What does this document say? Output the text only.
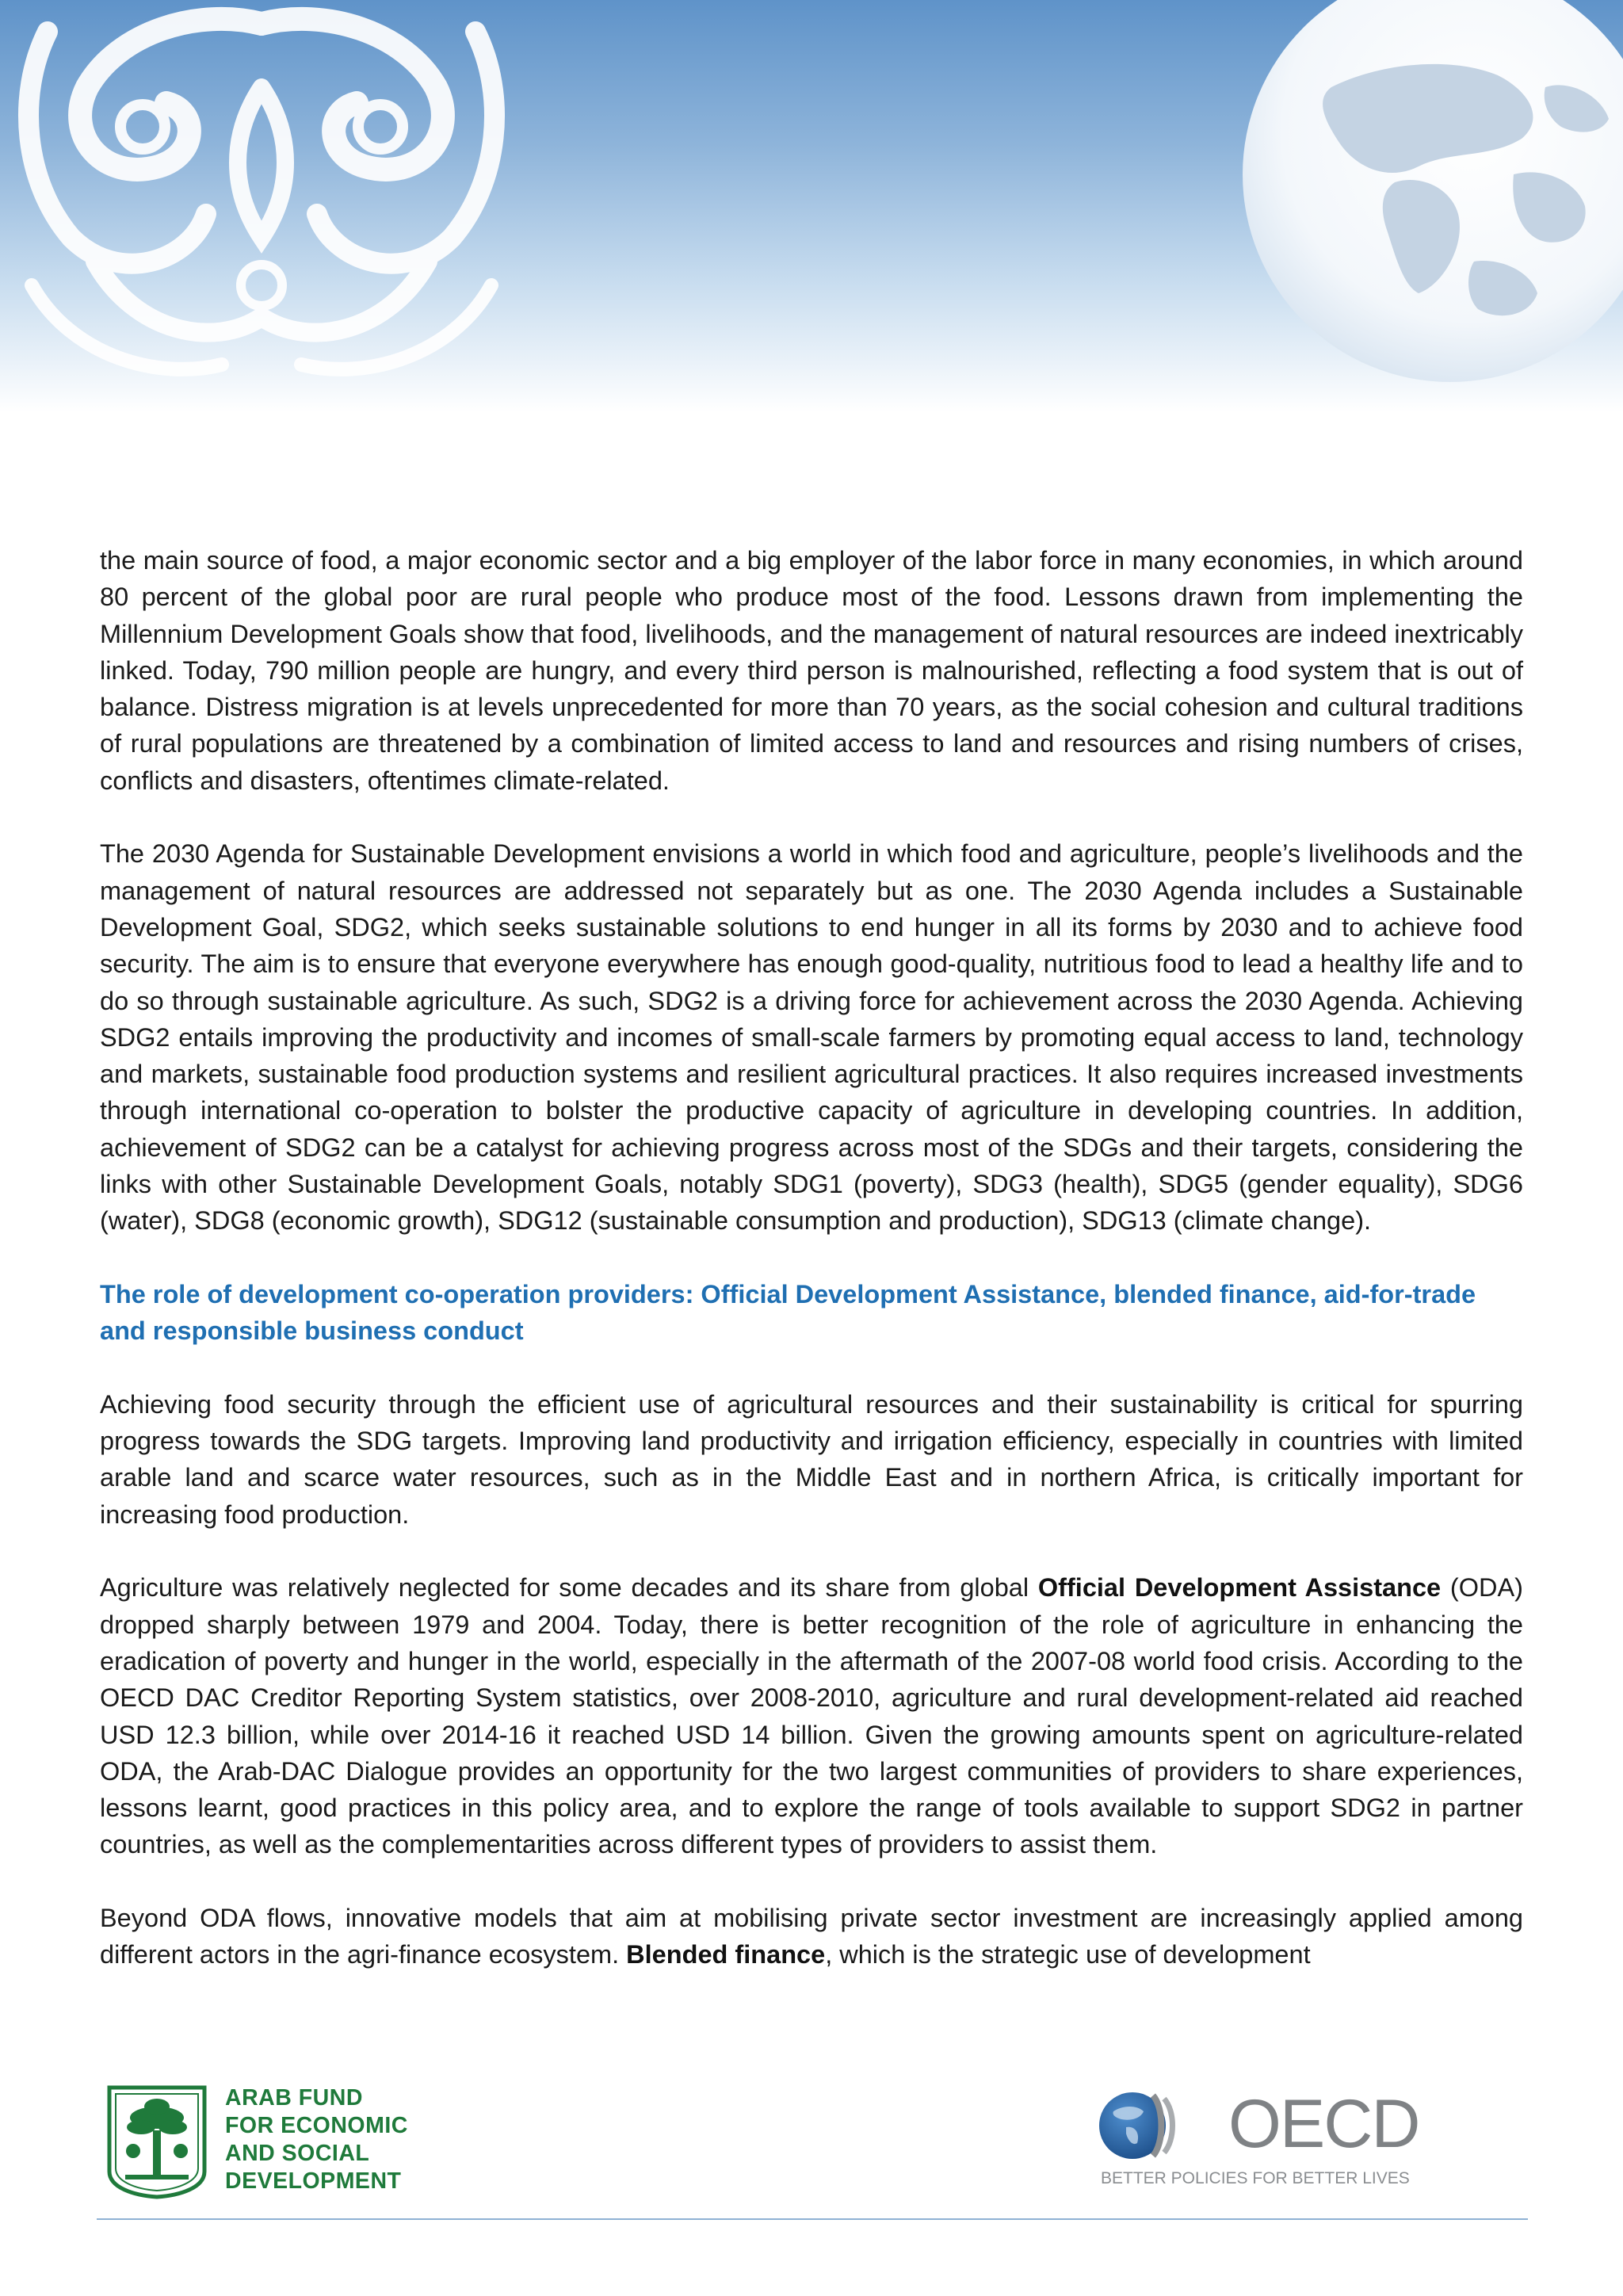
the main source of food, a major economic sector and a big employer of the labor force in many economies, in which around 80 percent of the global poor are rural people who produce most of the food. Lessons drawn from implementing the Millennium Development Goals show that food, livelihoods, and the management of natural resources are indeed inextricably linked. Today, 790 million people are hungry, and every third person is malnourished, reflecting a food system that is out of balance. Distress migration is at levels unprecedented for more than 70 years, as the social cohesion and cultural traditions of rural populations are threatened by a combination of limited access to land and resources and rising numbers of crises, conflicts and disasters, oftentimes climate-related.

The 2030 Agenda for Sustainable Development envisions a world in which food and agriculture, people’s livelihoods and the management of natural resources are addressed not separately but as one. The 2030 Agenda includes a Sustainable Development Goal, SDG2, which seeks sustainable solutions to end hunger in all its forms by 2030 and to achieve food security. The aim is to ensure that everyone everywhere has enough good-quality, nutritious food to lead a healthy life and to do so through sustainable agriculture. As such, SDG2 is a driving force for achievement across the 2030 Agenda. Achieving SDG2 entails improving the productivity and incomes of small-scale farmers by promoting equal access to land, technology and markets, sustainable food production systems and resilient agricultural practices. It also requires increased investments through international co-operation to bolster the productive capacity of agriculture in developing countries. In addition, achievement of SDG2 can be a catalyst for achieving progress across most of the SDGs and their targets, considering the links with other Sustainable Development Goals, notably SDG1 (poverty), SDG3 (health), SDG5 (gender equality), SDG6 (water), SDG8 (economic growth), SDG12 (sustainable consumption and production), SDG13 (climate change).

The role of development co-operation providers: Official Development Assistance, blended finance, aid-for-trade and responsible business conduct

Achieving food security through the efficient use of agricultural resources and their sustainability is critical for spurring progress towards the SDG targets. Improving land productivity and irrigation efficiency, especially in countries with limited arable land and scarce water resources, such as in the Middle East and in northern Africa, is critically important for increasing food production.

Agriculture was relatively neglected for some decades and its share from global Official Development Assistance (ODA) dropped sharply between 1979 and 2004. Today, there is better recognition of the role of agriculture in enhancing the eradication of poverty and hunger in the world, especially in the aftermath of the 2007-08 world food crisis. According to the OECD DAC Creditor Reporting System statistics, over 2008-2010, agriculture and rural development-related aid reached USD 12.3 billion, while over 2014-16 it reached USD 14 billion. Given the growing amounts spent on agriculture-related ODA, the Arab-DAC Dialogue provides an opportunity for the two largest communities of providers to share experiences, lessons learnt, good practices in this policy area, and to explore the range of tools available to support SDG2 in partner countries, as well as the complementarities across different types of providers to assist them.

Beyond ODA flows, innovative models that aim at mobilising private sector investment are increasingly applied among different actors in the agri-finance ecosystem. Blended finance, which is the strategic use of development

ARAB FUND
FOR ECONOMIC
AND SOCIAL
DEVELOPMENT
OECD
BETTER POLICIES FOR BETTER LIVES
